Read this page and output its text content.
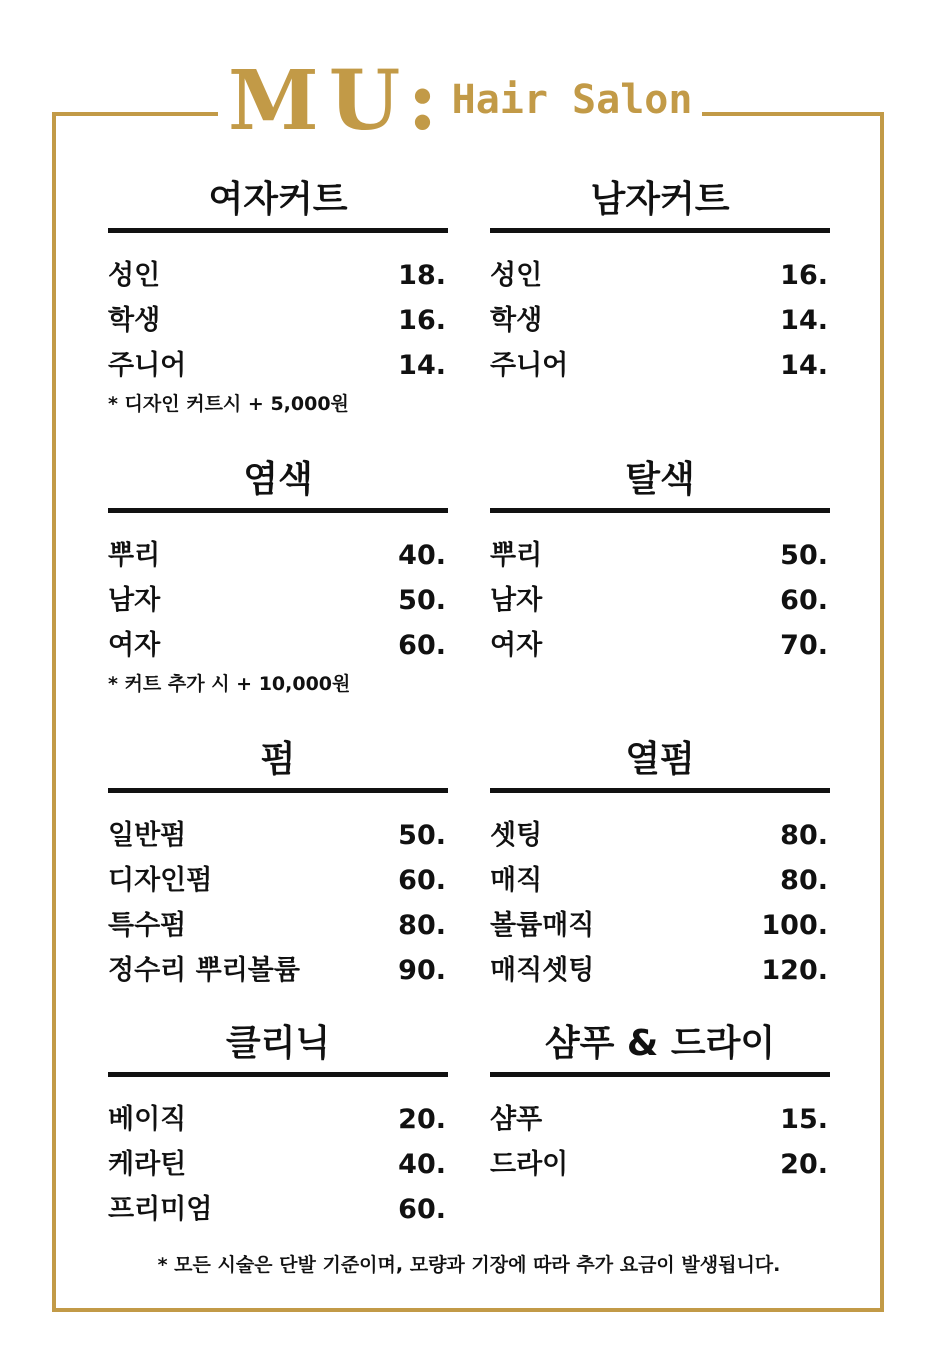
MU: Hair Salon
여자커트
성인	18.
학생	16.
주니어	14.
* 디자인 커트시 + 5,000원
남자커트
성인	16.
학생	14.
주니어	14.
염색
뿌리	40.
남자	50.
여자	60.
* 커트 추가 시 + 10,000원
탈색
뿌리	50.
남자	60.
여자	70.
펌
일반펌	50.
디자인펌	60.
특수펌	80.
정수리 뿌리볼륨	90.
열펌
셋팅	80.
매직	80.
볼륨매직	100.
매직셋팅	120.
클리닉
베이직	20.
케라틴	40.
프리미엄	60.
샴푸 & 드라이
샴푸	15.
드라이	20.
* 모든 시술은 단발 기준이며, 모량과 기장에 따라 추가 요금이 발생됩니다.
